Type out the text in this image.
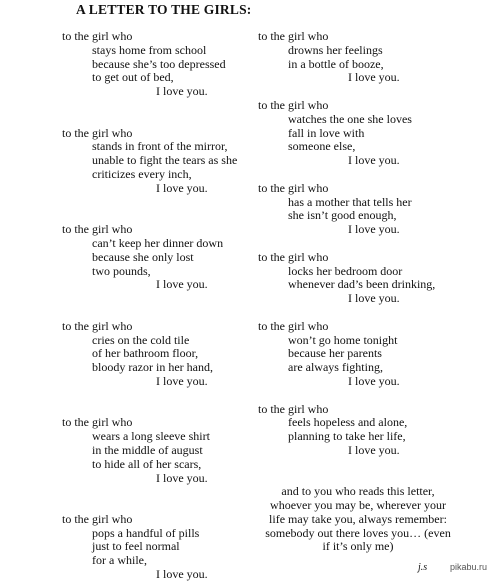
A LETTER TO THE GIRLS:
to the girl who
stays home from school
because she’s too depressed
to get out of bed,
I love you.
to the girl who
stands in front of the mirror,
unable to fight the tears as she
criticizes every inch,
I love you.
to the girl who
can’t keep her dinner down
because she only lost
two pounds,
I love you.
to the girl who
cries on the cold tile
of her bathroom floor,
bloody razor in her hand,
I love you.
to the girl who
wears a long sleeve shirt
in the middle of august
to hide all of her scars,
I love you.
to the girl who
pops a handful of pills
just to feel normal
for a while,
I love you.
to the girl who
drowns her feelings
in a bottle of booze,
I love you.
to the girl who
watches the one she loves
fall in love with
someone else,
I love you.
to the girl who
has a mother that tells her
she isn’t good enough,
I love you.
to the girl who
locks her bedroom door
whenever dad’s been drinking,
I love you.
to the girl who
won’t go home tonight
because her parents
are always fighting,
I love you.
to the girl who
feels hopeless and alone,
planning to take her life,
I love you.
and to you who reads this letter,
whoever you may be, wherever your
life may take you, always remember:
somebody out there loves you… (even
if it’s only me)
j.s	pikabu.ru
